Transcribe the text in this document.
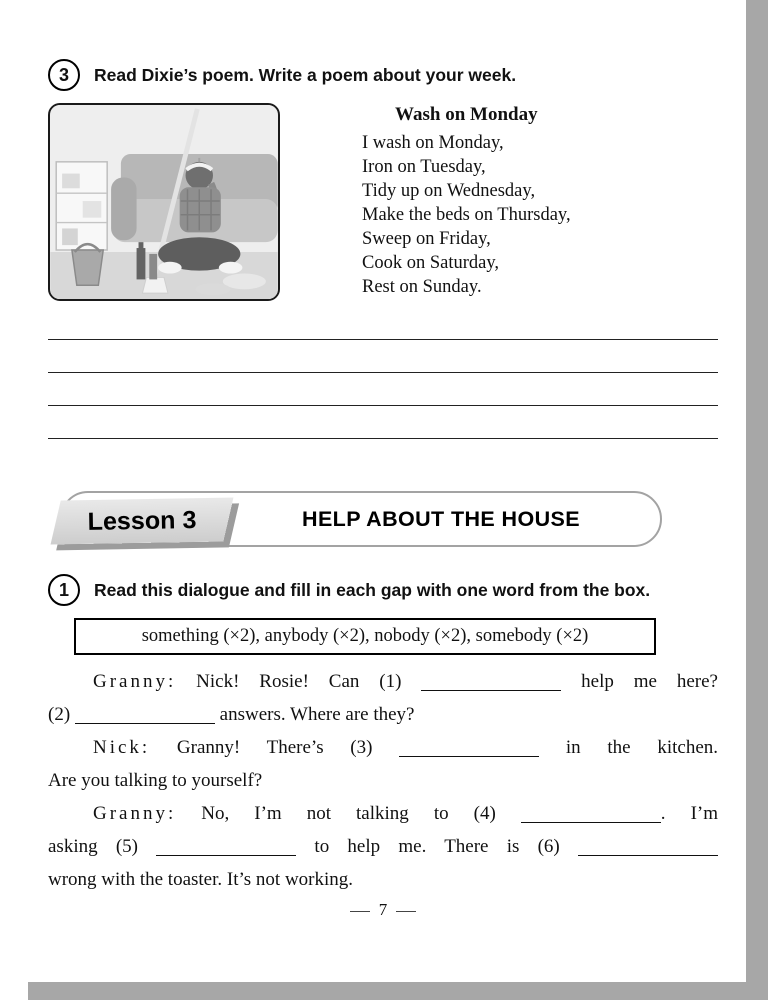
3	Read Dixie’s poem. Write a poem about your week.
Wash on Monday
I wash on Monday,
Iron on Tuesday,
Tidy up on Wednesday,
Make the beds on Thursday,
Sweep on Friday,
Cook on Saturday,
Rest on Sunday.
HELP ABOUT THE HOUSE
Lesson 3
1	Read this dialogue and fill in each gap with one word from the box.
something (×2), anybody (×2), nobody (×2), somebody (×2)
Granny: Nick! Rosie! Can (1)	help me here?
(2)	answers. Where are they?
Nick: Granny! There’s (3)	in the kitchen.
Are you talking to yourself?
Granny: No, I’m not talking to (4)	. I’m
asking (5)	to help me. There is (6)
wrong with the toaster. It’s not working.
7
